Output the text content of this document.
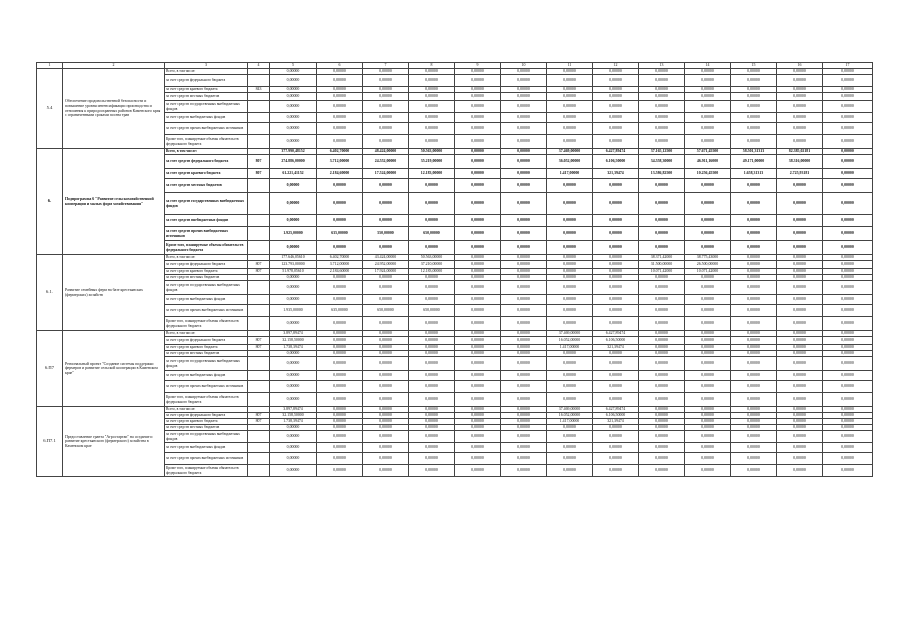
1	2	3	4	5	6	7	8	9	10	11	12	13	14	15	16	17
5.4	Обеспечение продовольственной безопасности и повышение уровня интенсификации производства и отношения к природоохранных районов Каменского края с ограниченными сроками посева трав	Всего, в том числе:		0,00000	0,00000	0,00000	0,00000	0,00000	0,00000	0,00000	0,00000	0,00000	0,00000	0,00000	0,00000	0,00000
		за счет средств федерального бюджета		0,00000	0,00000	0,00000	0,00000	0,00000	0,00000	0,00000	0,00000	0,00000	0,00000	0,00000	0,00000	0,00000
		за счет средств краевого бюджета	843	0,00000	0,00000	0,00000	0,00000	0,00000	0,00000	0,00000	0,00000	0,00000	0,00000	0,00000	0,00000	0,00000
		за счет средств местных бюджетов		0,00000	0,00000	0,00000	0,00000	0,00000	0,00000	0,00000	0,00000	0,00000	0,00000	0,00000	0,00000	0,00000
		за счет средств государственных внебюджетных фондов		0,00000	0,00000	0,00000	0,00000	0,00000	0,00000	0,00000	0,00000	0,00000	0,00000	0,00000	0,00000	0,00000
		за счет средств внебюджетных фондов		0,00000	0,00000	0,00000	0,00000	0,00000	0,00000	0,00000	0,00000	0,00000	0,00000	0,00000	0,00000	0,00000
		за счет средств прочих внебюджетных источников		0,00000	0,00000	0,00000	0,00000	0,00000	0,00000	0,00000	0,00000	0,00000	0,00000	0,00000	0,00000	0,00000
		Кроме того, планируемые объемы обязательств федерального бюджета		0,00000	0,00000	0,00000	0,00000	0,00000	0,00000	0,00000	0,00000	0,00000	0,00000	0,00000	0,00000	0,00000
6.	Подпрограмма 6 "Развитие сельскохозяйственной кооперации и малых форм хозяйствования"	Всего, в том числе:		377.990,48152	6.402,70000	48.424,00000	50.563,00000	0,00000	0,00000	37.469,00000	6.427,89474	37.165,12500	57.671,45500	58.501,31313	82.385,02181	0,00000
		за счет средств федерального бюджета	807	274.886,00000	3.712,00000	24.552,00000	35.219,00000	0,00000	0,00000	36.052,00000	6.106,50000	34.558,30000	46.911,16000	49.171,00000	38.316,00000	0,00000
		за счет средств краевого бюджета	807	61.221,41152	2.184,60000	17.524,00000	12.183,00000	0,00000	0,00000	1.417,00000	321,39474	13.586,82500	10.256,45500	1.658,31313	2.725,93181	0,00000
		за счет средств местных бюджетов		0,00000	0,00000	0,00000	0,00000	0,00000	0,00000	0,00000	0,00000	0,00000	0,00000	0,00000	0,00000	0,00000
		за счет средств государственных внебюджетных фондов		0,00000	0,00000	0,00000	0,00000	0,00000	0,00000	0,00000	0,00000	0,00000	0,00000	0,00000	0,00000	0,00000
		за счет средств внебюджетных фондов		0,00000	0,00000	0,00000	0,00000	0,00000	0,00000	0,00000	0,00000	0,00000	0,00000	0,00000	0,00000	0,00000
		за счет средств прочих внебюджетных источников		1.925,00000	635,00000	550,00000	650,00000	0,00000	0,00000	0,00000	0,00000	0,00000	0,00000	0,00000	0,00000	0,00000
		Кроме того, планируемые объемы обязательств федерального бюджета		0,00000	0,00000	0,00000	0,00000	0,00000	0,00000	0,00000	0,00000	0,00000	0,00000	0,00000	0,00000	0,00000
6.1.	Развитие семейных ферм на базе крестьянских (фермерских) хозяйств	Всего, в том числе:		177.646,05610	6.402,70000	43.424,00000	50.563,00000	0,00000	0,00000	0,00000	0,00000	38.371,42000	38.775,43000	0,00000	0,00000	0,00000
		за счет средств федерального бюджета	807	123.793,00000	3.712,00000	24.952,00000	37.210,00000	0,00000	0,00000	0,00000	0,00000	31.500,00000	26.500,00000	0,00000	0,00000	0,00000
		за счет средств краевого бюджета	807	51.978,05610	2.184,60000	17.924,00000	12.183,00000	0,00000	0,00000	0,00000	0,00000	10.071,42000	10.071,42000	0,00000	0,00000	0,00000
		за счет средств местных бюджетов		0,00000	0,00000	0,00000	0,00000	0,00000	0,00000	0,00000	0,00000	0,00000	0,00000	0,00000	0,00000	0,00000
		за счет средств государственных внебюджетных фондов		0,00000	0,00000	0,00000	0,00000	0,00000	0,00000	0,00000	0,00000	0,00000	0,00000	0,00000	0,00000	0,00000
		за счет средств внебюджетных фондов		0,00000	0,00000	0,00000	0,00000	0,00000	0,00000	0,00000	0,00000	0,00000	0,00000	0,00000	0,00000	0,00000
		за счет средств прочих внебюджетных источников		1.935,00000	635,00000	650,00000	650,00000	0,00000	0,00000	0,00000	0,00000	0,00000	0,00000	0,00000	0,00000	0,00000
		Кроме того, планируемые объемы обязательств федерального бюджета		0,00000	0,00000	0,00000	0,00000	0,00000	0,00000	0,00000	0,00000	0,00000	0,00000	0,00000	0,00000	0,00000
6.П7	Региональный проект "Создание системы поддержки фермеров и развитие сельской кооперации в Каменском крае"	Всего, в том числе:		3.897,89474	0,00000	0,00000	0,00000	0,00000	0,00000	37.469,00000	6.427,89474	0,00000	0,00000	0,00000	0,00000	0,00000
		за счет средств федерального бюджета	807	32.158,50000	0,00000	0,00000	0,00000	0,00000	0,00000	16.052,00000	6.106,50000	0,00000	0,00000	0,00000	0,00000	0,00000
		за счет средств краевого бюджета	807	1.738,39474	0,00000	0,00000	0,00000	0,00000	0,00000	1.417,00000	321,39474	0,00000	0,00000	0,00000	0,00000	0,00000
		за счет средств местных бюджетов		0,00000	0,00000	0,00000	0,00000	0,00000	0,00000	0,00000	0,00000	0,00000	0,00000	0,00000	0,00000	0,00000
		за счет средств государственных внебюджетных фондов		0,00000	0,00000	0,00000	0,00000	0,00000	0,00000	0,00000	0,00000	0,00000	0,00000	0,00000	0,00000	0,00000
		за счет средств внебюджетных фондов		0,00000	0,00000	0,00000	0,00000	0,00000	0,00000	0,00000	0,00000	0,00000	0,00000	0,00000	0,00000	0,00000
		за счет средств прочих внебюджетных источников		0,00000	0,00000	0,00000	0,00000	0,00000	0,00000	0,00000	0,00000	0,00000	0,00000	0,00000	0,00000	0,00000
		Кроме того, планируемые объемы обязательств федерального бюджета		0,00000	0,00000	0,00000	0,00000	0,00000	0,00000	0,00000	0,00000	0,00000	0,00000	0,00000	0,00000	0,00000
6.П7.1	Предоставление гранта "Агростартап" на создание и развитие крестьянского (фермерского) хозяйства в Каменском крае	Всего, в том числе:		3.897,89474	0,00000	0,00000	0,00000	0,00000	0,00000	37.469,00000	6.427,89474	0,00000	0,00000	0,00000	0,00000	0,00000
		за счет средств федерального бюджета	807	32.158,50000	0,00000	0,00000	0,00000	0,00000	0,00000	16.052,00000	6.106,50000	0,00000	0,00000	0,00000	0,00000	0,00000
		за счет средств краевого бюджета	807	1.738,39474	0,00000	0,00000	0,00000	0,00000	0,00000	1.417,00000	321,39474	0,00000	0,00000	0,00000	0,00000	0,00000
		за счет средств местных бюджетов		0,00000	0,00000	0,00000	0,00000	0,00000	0,00000	0,00000	0,00000	0,00000	0,00000	0,00000	0,00000	0,00000
		за счет средств государственных внебюджетных фондов		0,00000	0,00000	0,00000	0,00000	0,00000	0,00000	0,00000	0,00000	0,00000	0,00000	0,00000	0,00000	0,00000
		за счет средств внебюджетных фондов		0,00000	0,00000	0,00000	0,00000	0,00000	0,00000	0,00000	0,00000	0,00000	0,00000	0,00000	0,00000	0,00000
		за счет средств прочих внебюджетных источников		0,00000	0,00000	0,00000	0,00000	0,00000	0,00000	0,00000	0,00000	0,00000	0,00000	0,00000	0,00000	0,00000
		Кроме того, планируемые объемы обязательств федерального бюджета		0,00000	0,00000	0,00000	0,00000	0,00000	0,00000	0,00000	0,00000	0,00000	0,00000	0,00000	0,00000	0,00000
